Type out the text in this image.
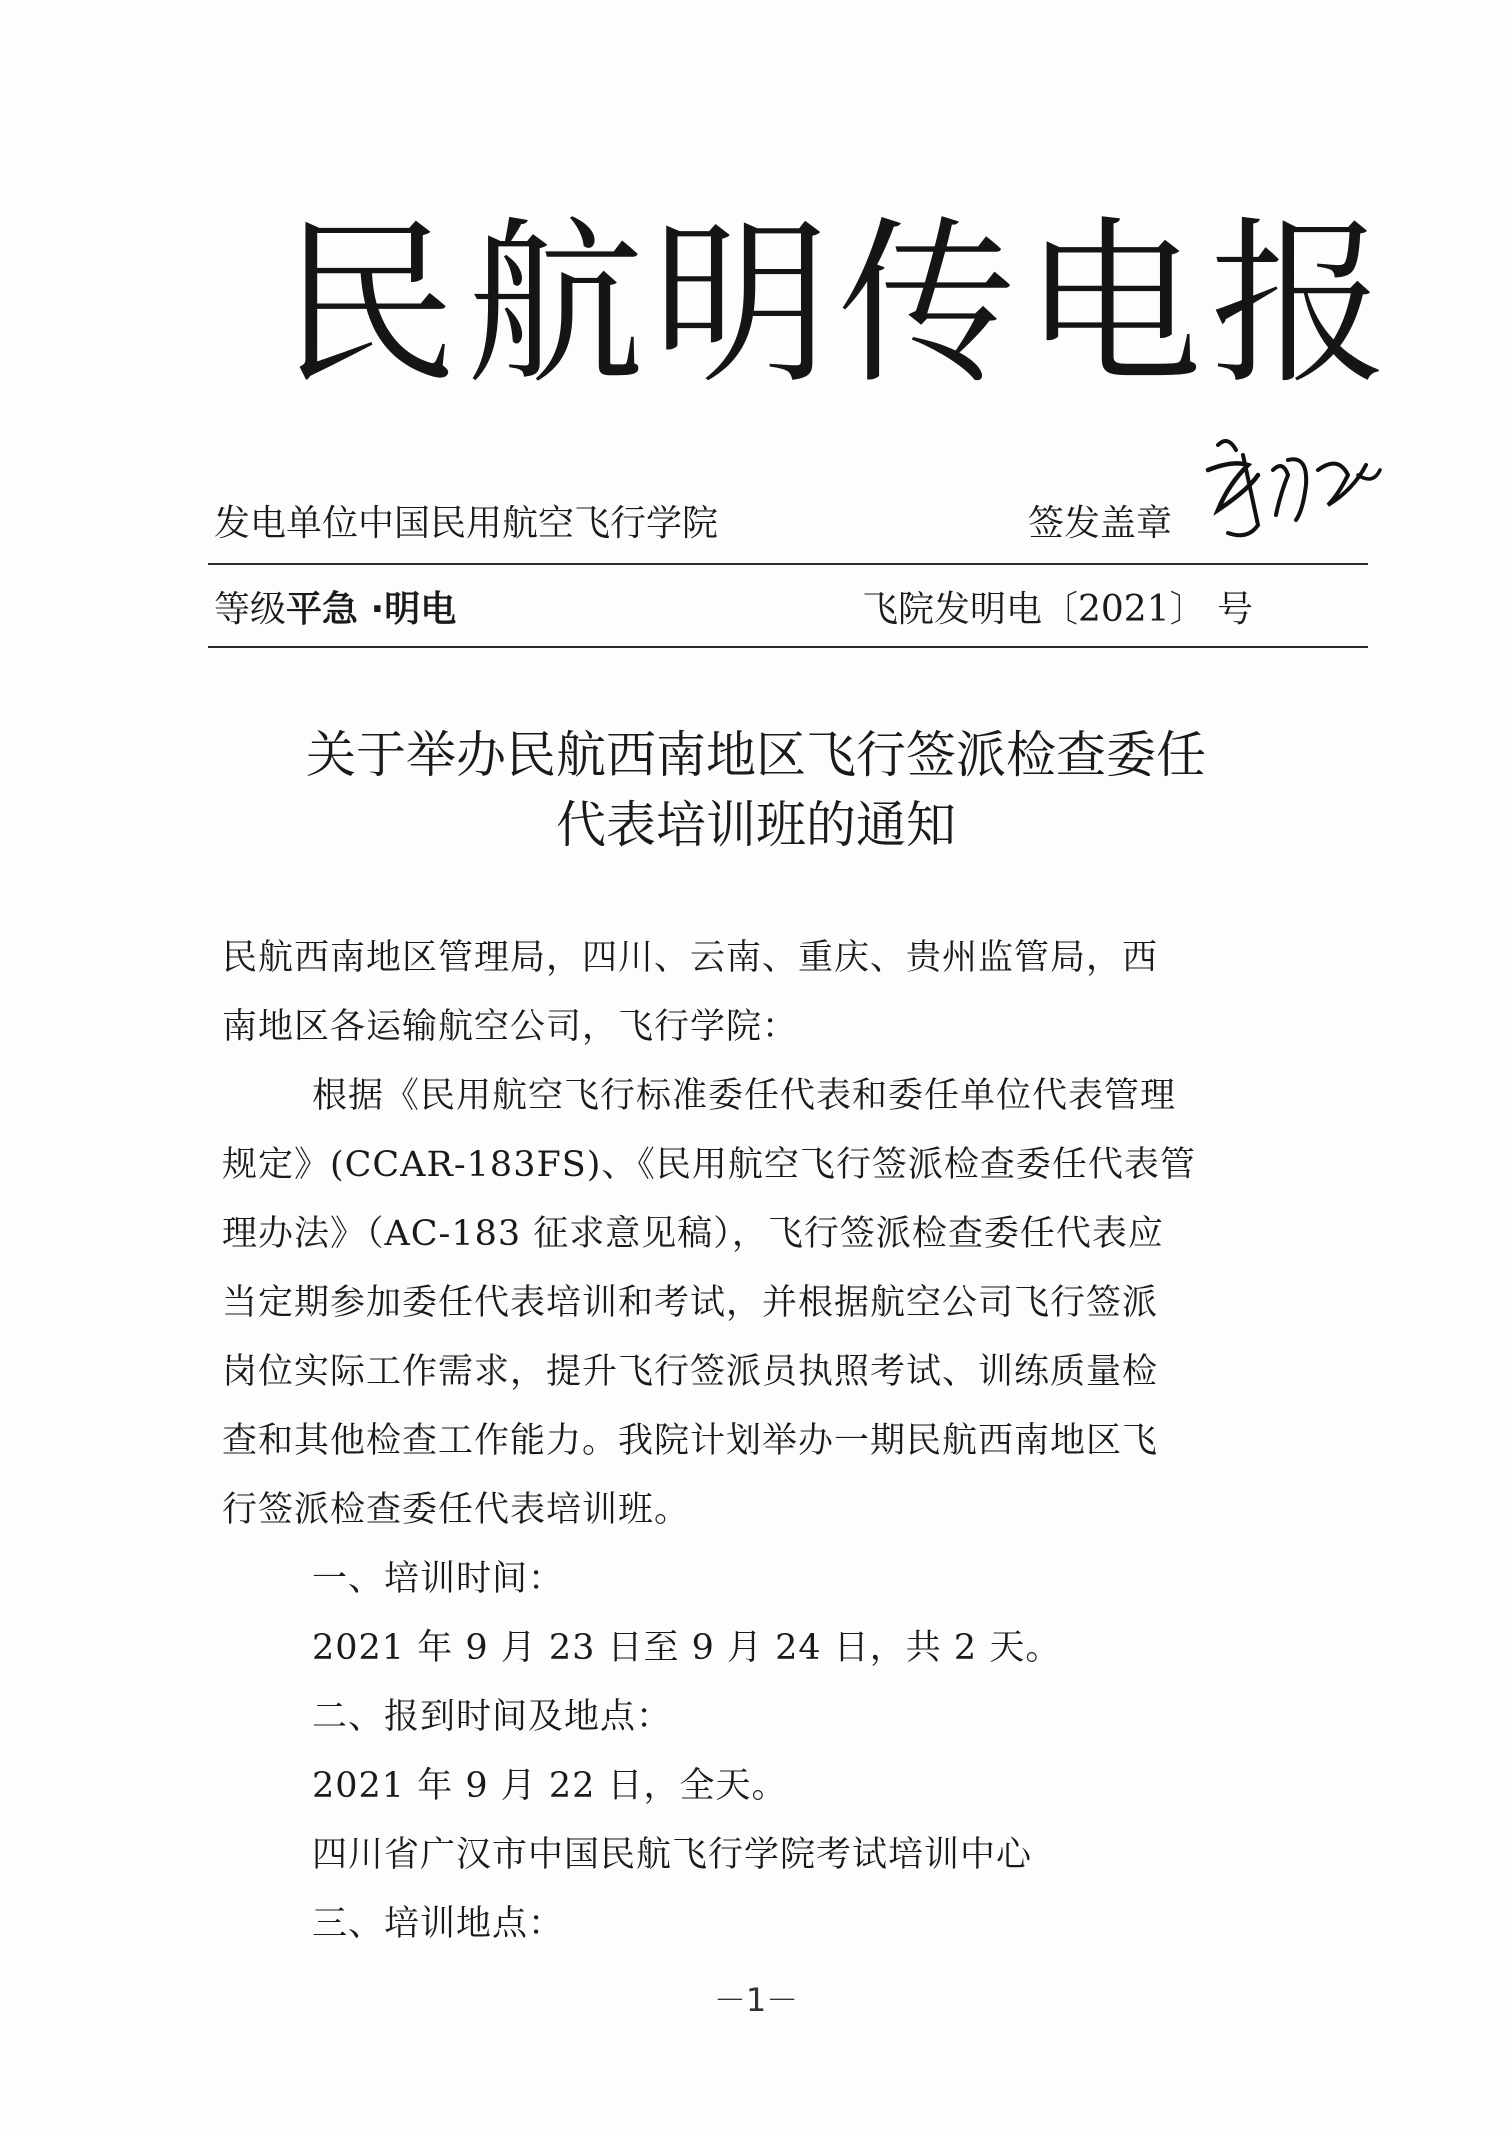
民航明传电报
发电单位中国民用航空飞行学院	签发盖章
等级平急 ·明电	飞院发明电〔2021〕 号
关于举办民航西南地区飞行签派检查委任
代表培训班的通知
民航西南地区管理局，四川、云南、重庆、贵州监管局，西
南地区各运输航空公司，飞行学院：
根据《民用航空飞行标准委任代表和委任单位代表管理
规定》(CCAR-183FS)、《民用航空飞行签派检查委任代表管
理办法》（AC-183 征求意见稿），飞行签派检查委任代表应
当定期参加委任代表培训和考试，并根据航空公司飞行签派
岗位实际工作需求，提升飞行签派员执照考试、训练质量检
查和其他检查工作能力。我院计划举办一期民航西南地区飞
行签派检查委任代表培训班。
一、培训时间：
2021 年 9 月 23 日至 9 月 24 日，共 2 天。
二、报到时间及地点：
2021 年 9 月 22 日，全天。
四川省广汉市中国民航飞行学院考试培训中心
三、培训地点：
－1－
